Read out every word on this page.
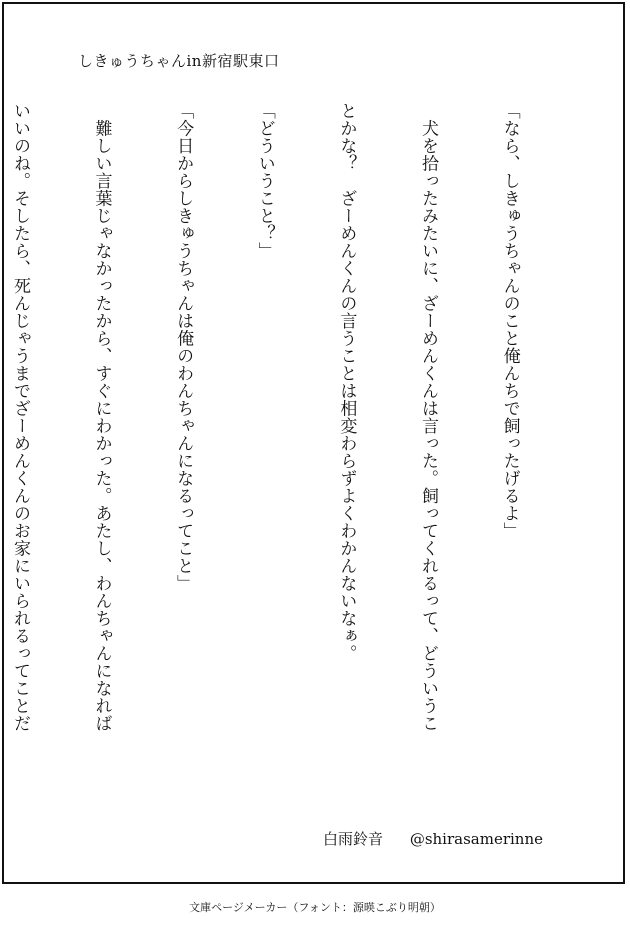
しきゅうちゃんin新宿駅東口

「なら、しきゅうちゃんのこと俺んちで飼ったげるよ」

　犬を拾ったみたいに、ざーめんくんは言った。飼ってくれるって、どういうこ

とかな？　ざーめんくんの言うことは相変わらずよくわかんないなぁ。

「どういうこと？」

「今日からしきゅうちゃんは俺のわんちゃんになるってこと」

　難しい言葉じゃなかったから、すぐにわかった。あたし、わんちゃんになれば

いいのね。そしたら、死んじゃうまでざーめんくんのお家にいられるってことだ

白雨鈴音 @shirasamerinne
文庫ページメーカー（フォント：源暎こぶり明朝）
